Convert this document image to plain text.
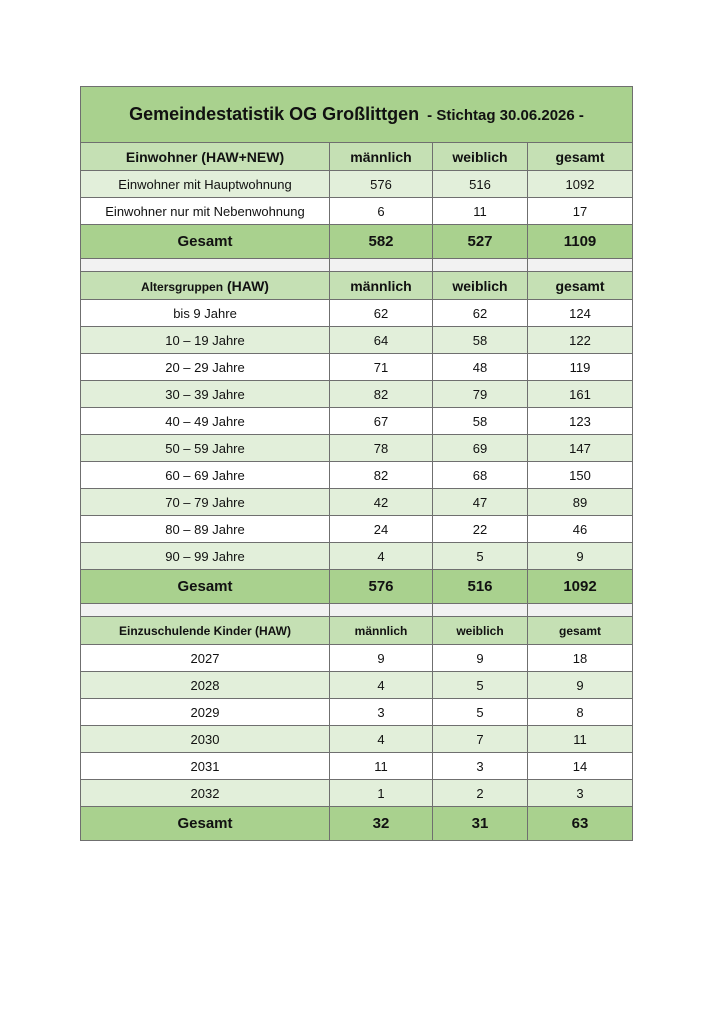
Gemeindestatistik OG Großlittgen - Stichtag 30.06.2026 -			
Einwohner (HAW+NEW)	männlich	weiblich	gesamt
Einwohner mit Hauptwohnung	576	516	1092
Einwohner nur mit Nebenwohnung	6	11	17
Gesamt	582	527	1109

Altersgruppen (HAW)	männlich	weiblich	gesamt
bis 9 Jahre	62	62	124
10 – 19 Jahre	64	58	122
20 – 29 Jahre	71	48	119
30 – 39 Jahre	82	79	161
40 – 49 Jahre	67	58	123
50 – 59 Jahre	78	69	147
60 – 69 Jahre	82	68	150
70 – 79 Jahre	42	47	89
80 – 89 Jahre	24	22	46
90 – 99 Jahre	4	5	9
Gesamt	576	516	1092

Einzuschulende Kinder (HAW)	männlich	weiblich	gesamt
2027	9	9	18
2028	4	5	9
2029	3	5	8
2030	4	7	11
2031	11	3	14
2032	1	2	3
Gesamt	32	31	63
